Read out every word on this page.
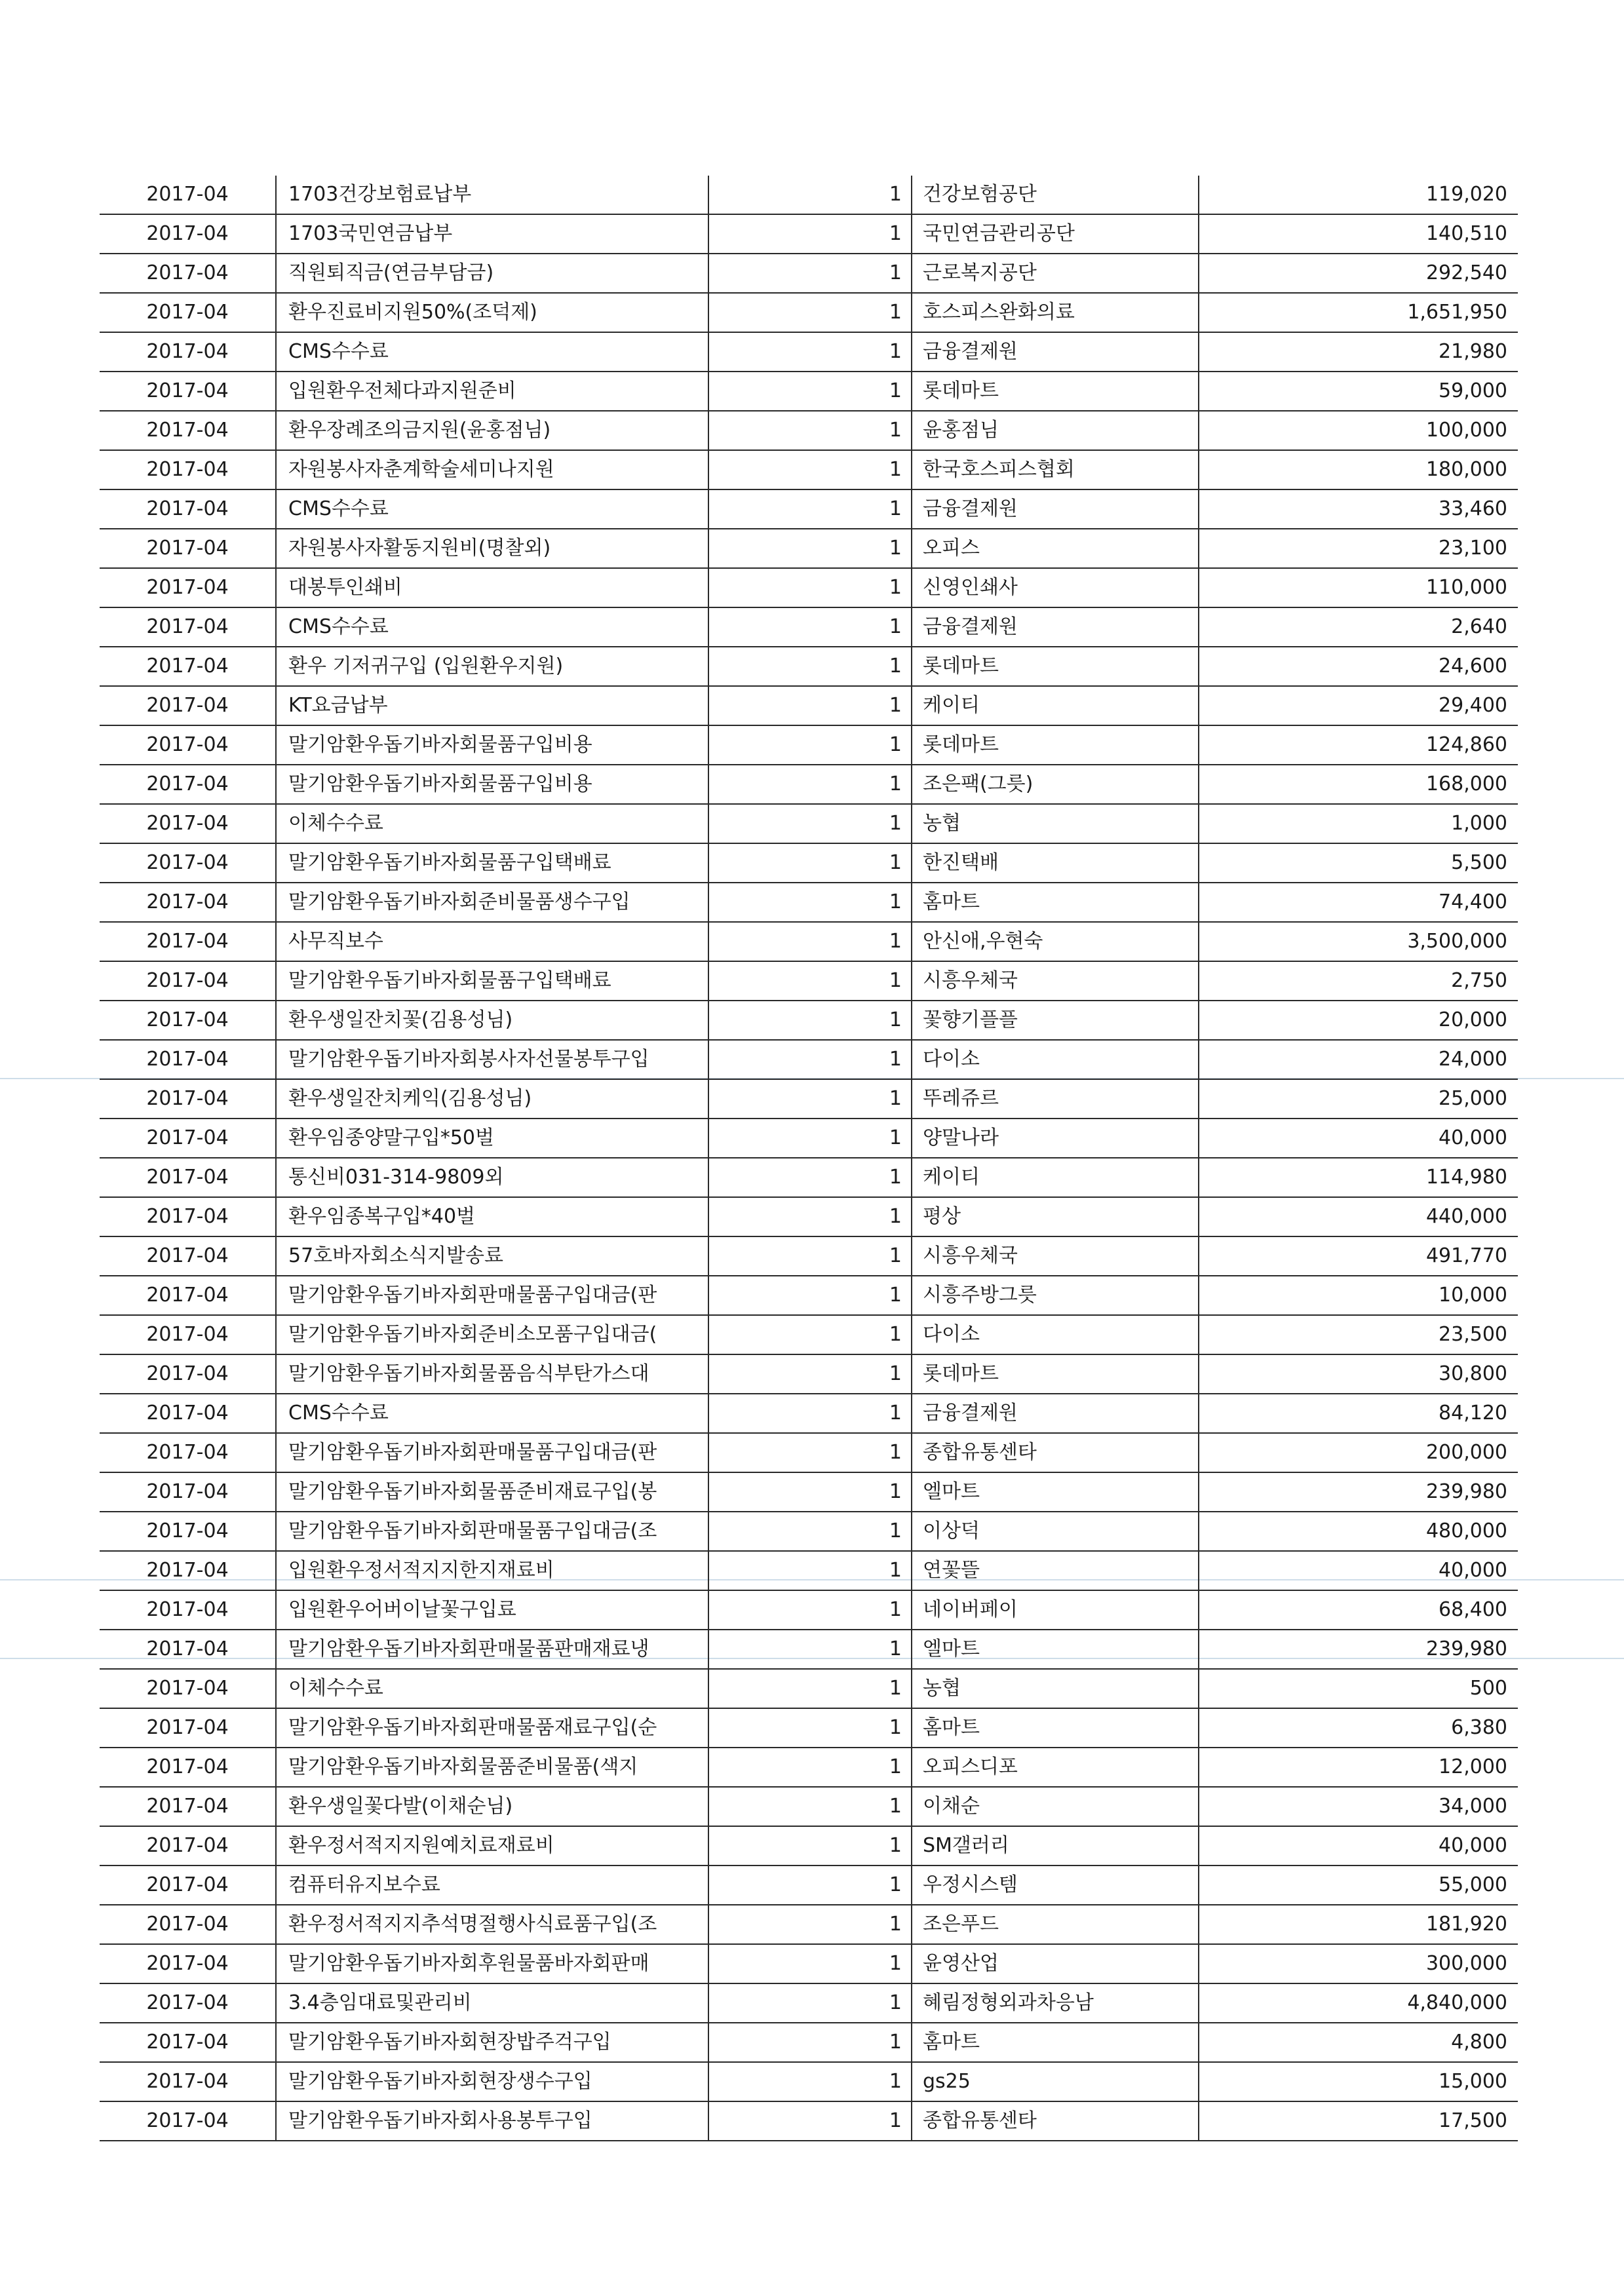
2017-04	1703건강보험료납부	1	건강보험공단	119,020
2017-04	1703국민연금납부	1	국민연금관리공단	140,510
2017-04	직원퇴직금(연금부담금)	1	근로복지공단	292,540
2017-04	환우진료비지원50%(조덕제)	1	호스피스완화의료	1,651,950
2017-04	CMS수수료	1	금융결제원	21,980
2017-04	입원환우전체다과지원준비	1	롯데마트	59,000
2017-04	환우장례조의금지원(윤홍점님)	1	윤홍점님	100,000
2017-04	자원봉사자춘계학술세미나지원	1	한국호스피스협회	180,000
2017-04	CMS수수료	1	금융결제원	33,460
2017-04	자원봉사자활동지원비(명찰외)	1	오피스	23,100
2017-04	대봉투인쇄비	1	신영인쇄사	110,000
2017-04	CMS수수료	1	금융결제원	2,640
2017-04	환우 기저귀구입 (입원환우지원)	1	롯데마트	24,600
2017-04	KT요금납부	1	케이티	29,400
2017-04	말기암환우돕기바자회물품구입비용	1	롯데마트	124,860
2017-04	말기암환우돕기바자회물품구입비용	1	조은팩(그릇)	168,000
2017-04	이체수수료	1	농협	1,000
2017-04	말기암환우돕기바자회물품구입택배료	1	한진택배	5,500
2017-04	말기암환우돕기바자회준비물품생수구입	1	홈마트	74,400
2017-04	사무직보수	1	안신애,우현숙	3,500,000
2017-04	말기암환우돕기바자회물품구입택배료	1	시흥우체국	2,750
2017-04	환우생일잔치꽃(김용성님)	1	꽃향기플플	20,000
2017-04	말기암환우돕기바자회봉사자선물봉투구입	1	다이소	24,000
2017-04	환우생일잔치케익(김용성님)	1	뚜레쥬르	25,000
2017-04	환우임종양말구입*50벌	1	양말나라	40,000
2017-04	통신비031-314-9809외	1	케이티	114,980
2017-04	환우임종복구입*40벌	1	평상	440,000
2017-04	57호바자회소식지발송료	1	시흥우체국	491,770
2017-04	말기암환우돕기바자회판매물품구입대금(판	1	시흥주방그릇	10,000
2017-04	말기암환우돕기바자회준비소모품구입대금(	1	다이소	23,500
2017-04	말기암환우돕기바자회물품음식부탄가스대	1	롯데마트	30,800
2017-04	CMS수수료	1	금융결제원	84,120
2017-04	말기암환우돕기바자회판매물품구입대금(판	1	종합유통센타	200,000
2017-04	말기암환우돕기바자회물품준비재료구입(봉	1	엘마트	239,980
2017-04	말기암환우돕기바자회판매물품구입대금(조	1	이상덕	480,000
2017-04	입원환우정서적지지한지재료비	1	연꽃뜰	40,000
2017-04	입원환우어버이날꽃구입료	1	네이버페이	68,400
2017-04	말기암환우돕기바자회판매물품판매재료냉	1	엘마트	239,980
2017-04	이체수수료	1	농협	500
2017-04	말기암환우돕기바자회판매물품재료구입(순	1	홈마트	6,380
2017-04	말기암환우돕기바자회물품준비물품(색지	1	오피스디포	12,000
2017-04	환우생일꽃다발(이채순님)	1	이채순	34,000
2017-04	환우정서적지지원예치료재료비	1	SM갤러리	40,000
2017-04	컴퓨터유지보수료	1	우정시스템	55,000
2017-04	환우정서적지지추석명절행사식료품구입(조	1	조은푸드	181,920
2017-04	말기암환우돕기바자회후원물품바자회판매	1	윤영산업	300,000
2017-04	3.4층임대료및관리비	1	혜림정형외과차응남	4,840,000
2017-04	말기암환우돕기바자회현장밥주걱구입	1	홈마트	4,800
2017-04	말기암환우돕기바자회현장생수구입	1	gs25	15,000
2017-04	말기암환우돕기바자회사용봉투구입	1	종합유통센타	17,500
